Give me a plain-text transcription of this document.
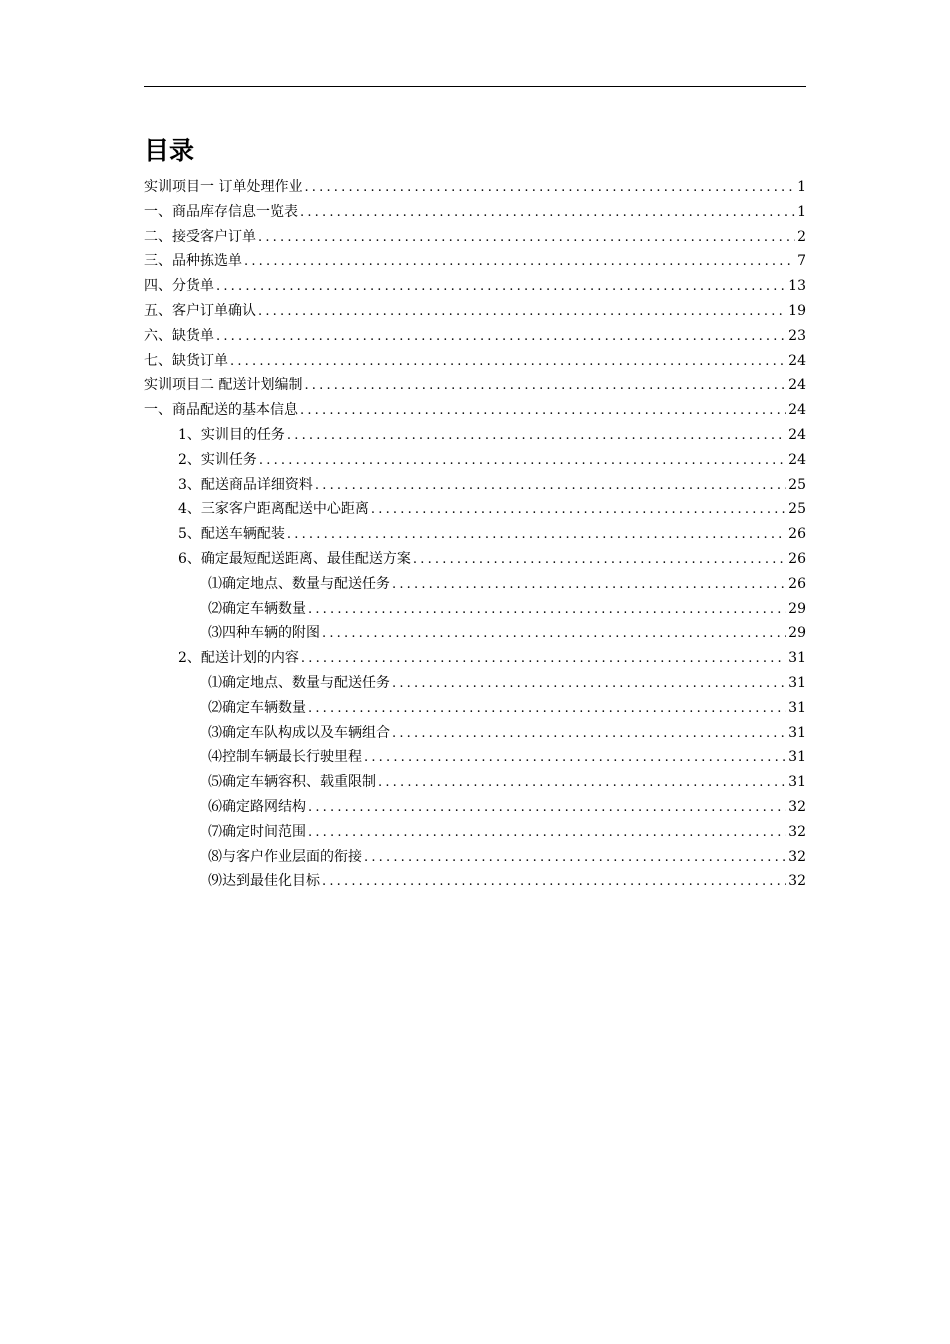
目录
实训项目一 订单处理作业 .....	1
一、商品库存信息一览表 .....	1
二、接受客户订单 .....	2
三、品种拣选单 .....	7
四、分货单 .....	13
五、客户订单确认 .....	19
六、缺货单 .....	23
七、缺货订单 .....	24
实训项目二 配送计划编制 .....	24
一、商品配送的基本信息 .....	24
1、实训目的任务 .....	24
2、实训任务 .....	24
3、配送商品详细资料 .....	25
4、三家客户距离配送中心距离 .....	25
5、配送车辆配装 .....	26
6、确定最短配送距离、最佳配送方案 .....	26
⑴确定地点、数量与配送任务 .....	26
⑵确定车辆数量 .....	29
⑶四种车辆的附图 .....	29
2、配送计划的内容 .....	31
⑴确定地点、数量与配送任务 .....	31
⑵确定车辆数量 .....	31
⑶确定车队构成以及车辆组合 .....	31
⑷控制车辆最长行驶里程 .....	31
⑸确定车辆容积、载重限制 .....	31
⑹确定路网结构 .....	32
⑺确定时间范围 .....	32
⑻与客户作业层面的衔接 .....	32
⑼达到最佳化目标 .....	32
